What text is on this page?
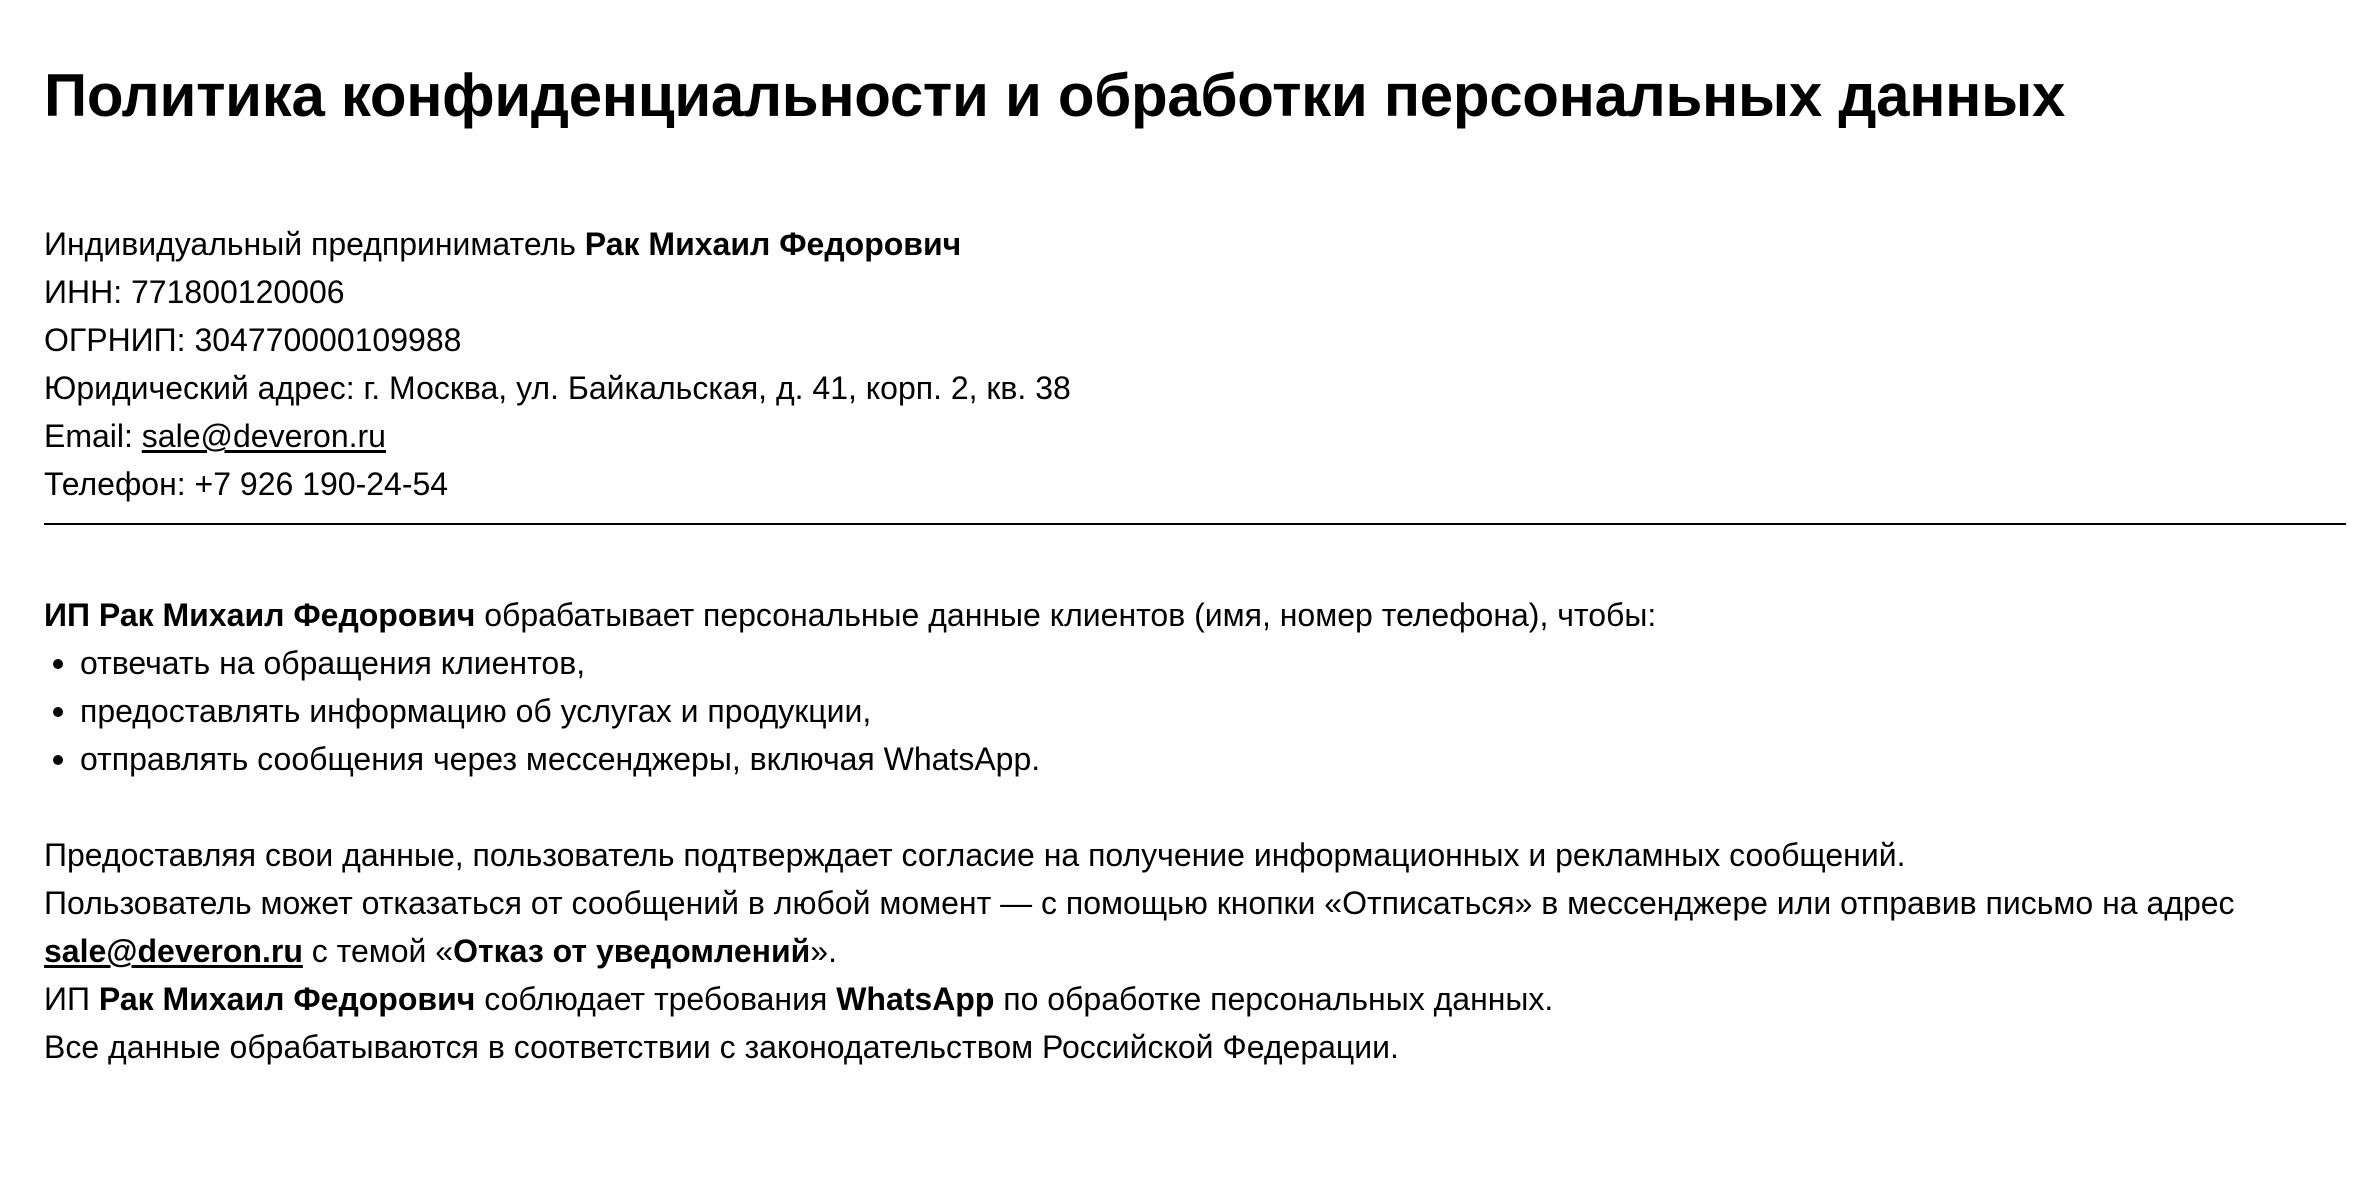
Политика конфиденциальности и обработки персональных данных
Индивидуальный предприниматель Рак Михаил Федорович
ИНН: 771800120006
ОГРНИП: 304770000109988
Юридический адрес: г. Москва, ул. Байкальская, д. 41, корп. 2, кв. 38
Email: sale@deveron.ru
Телефон: +7 926 190-24-54
ИП Рак Михаил Федорович обрабатывает персональные данные клиентов (имя, номер телефона), чтобы:
отвечать на обращения клиентов,
предоставлять информацию об услугах и продукции,
отправлять сообщения через мессенджеры, включая WhatsApp.
Предоставляя свои данные, пользователь подтверждает согласие на получение информационных и рекламных сообщений.
Пользователь может отказаться от сообщений в любой момент — с помощью кнопки «Отписаться» в мессенджере или отправив письмо на адрес
sale@deveron.ru с темой «Отказ от уведомлений».
ИП Рак Михаил Федорович соблюдает требования WhatsApp по обработке персональных данных.
Все данные обрабатываются в соответствии с законодательством Российской Федерации.
